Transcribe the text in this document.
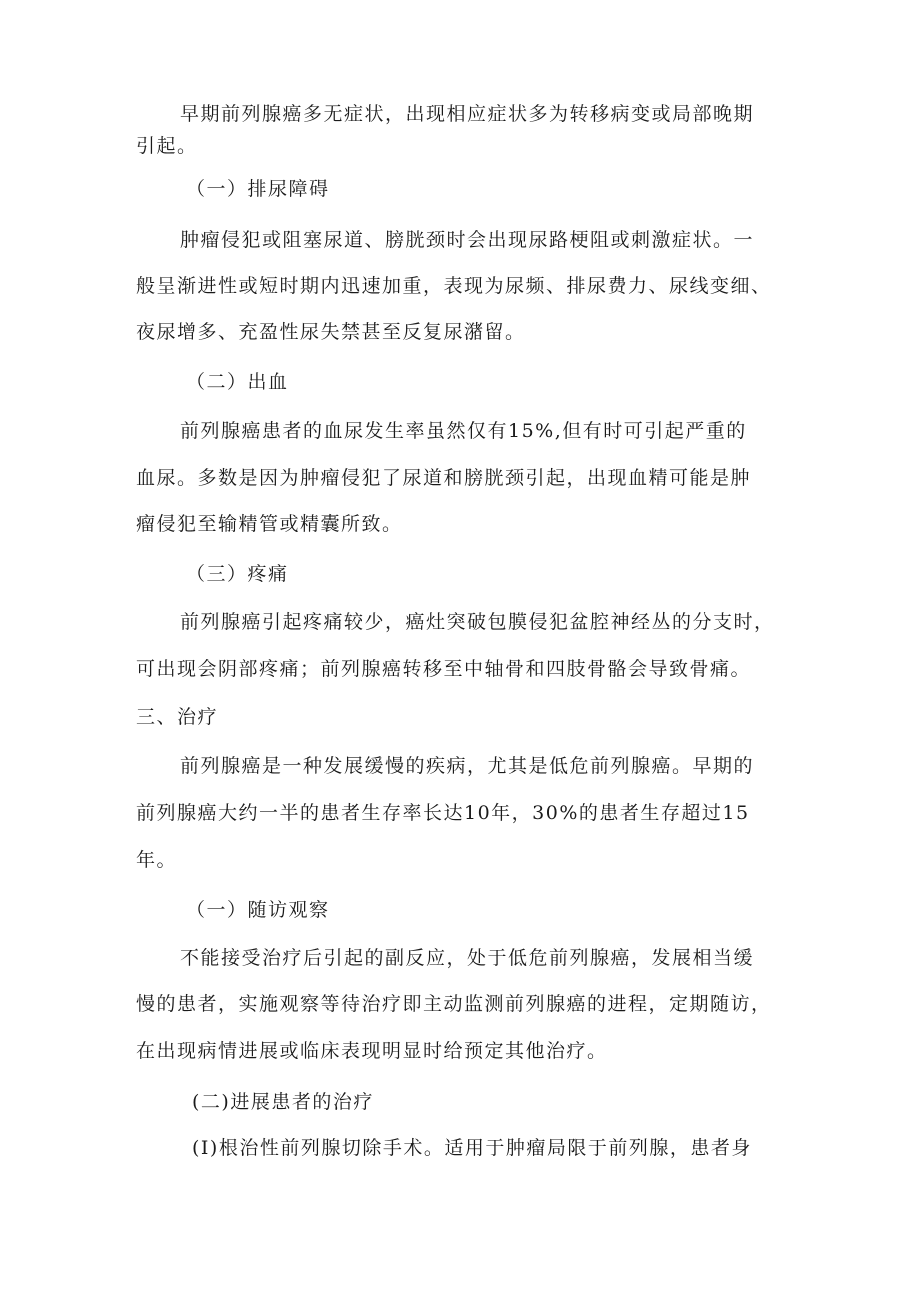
早期前列腺癌多无症状，出现相应症状多为转移病变或局部晚期
引起。
（一）排尿障碍
肿瘤侵犯或阻塞尿道、膀胱颈时会出现尿路梗阻或刺激症状。一
般呈渐进性或短时期内迅速加重，表现为尿频、排尿费力、尿线变细、
夜尿增多、充盈性尿失禁甚至反复尿潴留。
（二）出血
前列腺癌患者的血尿发生率虽然仅有15%,但有时可引起严重的
血尿。多数是因为肿瘤侵犯了尿道和膀胱颈引起，出现血精可能是肿
瘤侵犯至输精管或精囊所致。
（三）疼痛
前列腺癌引起疼痛较少，癌灶突破包膜侵犯盆腔神经丛的分支时，
可出现会阴部疼痛；前列腺癌转移至中轴骨和四肢骨骼会导致骨痛。
三、治疗
前列腺癌是一种发展缓慢的疾病，尤其是低危前列腺癌。早期的
前列腺癌大约一半的患者生存率长达10年，30%的患者生存超过15
年。
（一）随访观察
不能接受治疗后引起的副反应，处于低危前列腺癌，发展相当缓
慢的患者，实施观察等待治疗即主动监测前列腺癌的进程，定期随访，
在出现病情进展或临床表现明显时给预定其他治疗。
(二)进展患者的治疗
(I)根治性前列腺切除手术。适用于肿瘤局限于前列腺，患者身
